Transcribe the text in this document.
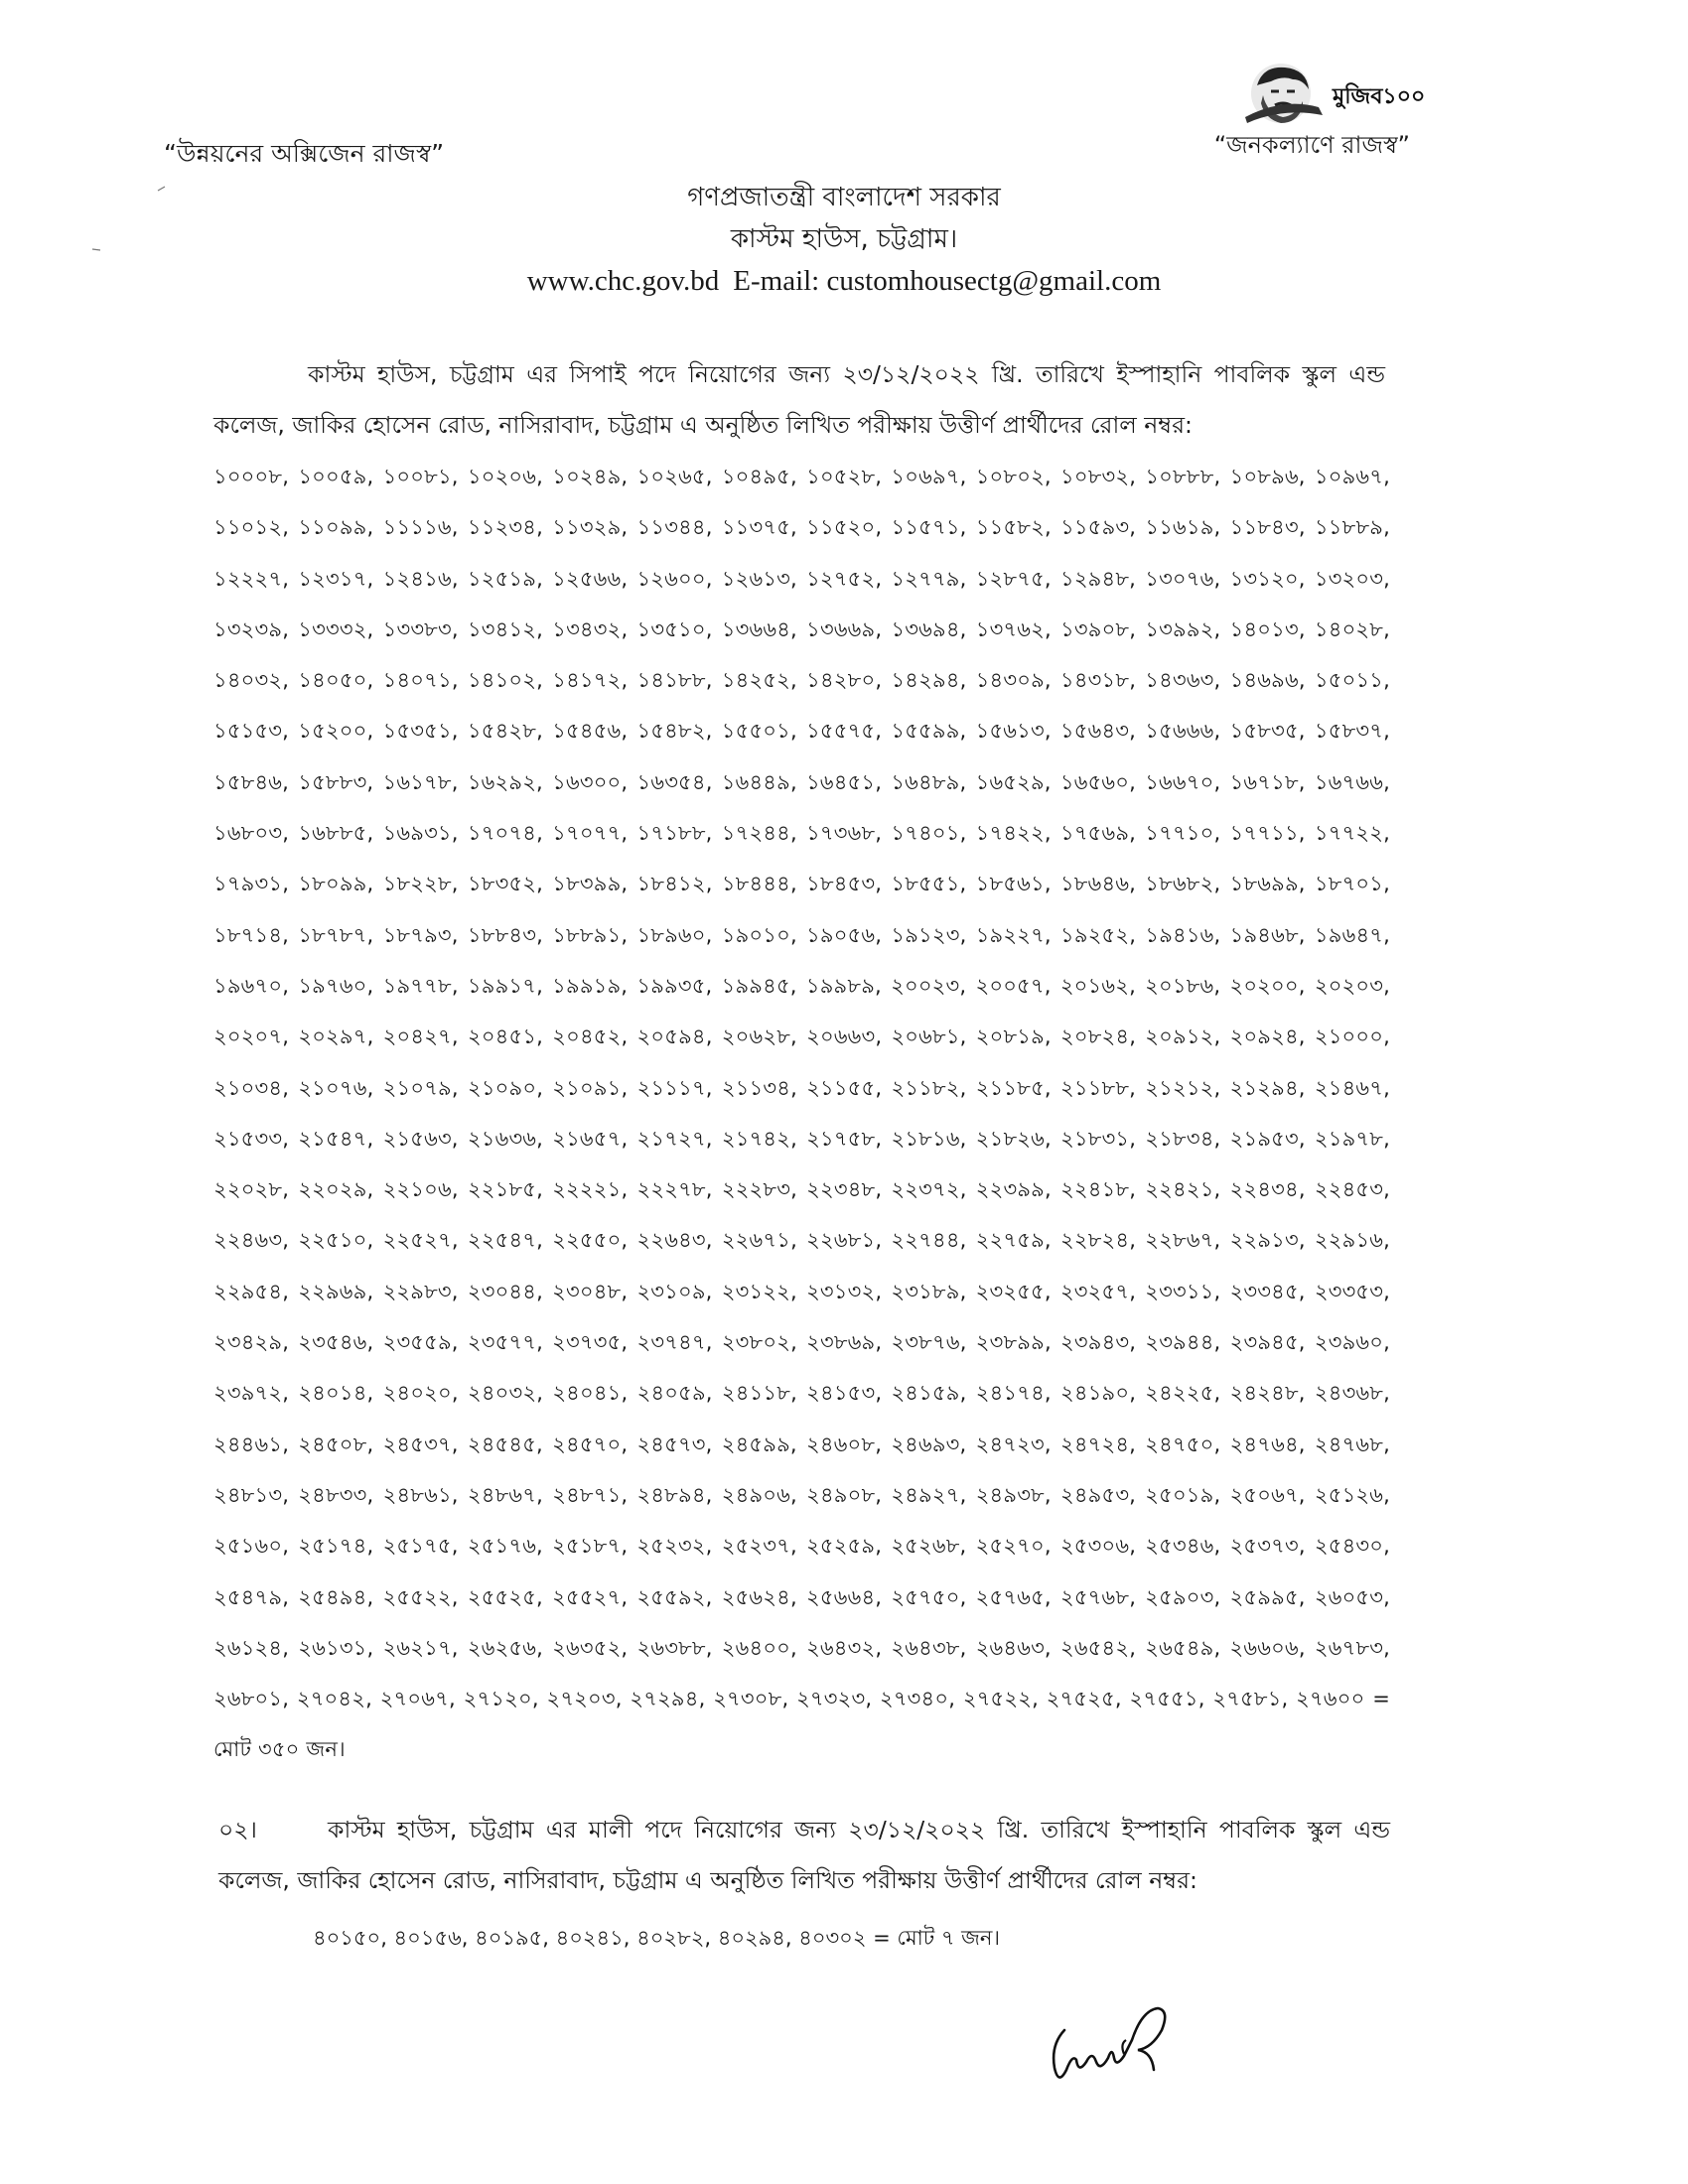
“উন্নয়নের অক্সিজেন রাজস্ব”
মুজিব১০০
“জনকল্যাণে রাজস্ব”
গণপ্রজাতন্ত্রী বাংলাদেশ সরকার
কাস্টম হাউস, চট্টগ্রাম।
www.chc.gov.bd E-mail: customhousectg@gmail.com
কাস্টম হাউস, চট্টগ্রাম এর সিপাই পদে নিয়োগের জন্য ২৩/১২/২০২২ খ্রি. তারিখে ইস্পাহানি পাবলিক স্কুল এন্ড কলেজ, জাকির হোসেন রোড, নাসিরাবাদ, চট্টগ্রাম এ অনুষ্ঠিত লিখিত পরীক্ষায় উত্তীর্ণ প্রার্থীদের রোল নম্বর:
১০০০৮, ১০০৫৯, ১০০৮১, ১০২০৬, ১০২৪৯, ১০২৬৫, ১০৪৯৫, ১০৫২৮, ১০৬৯৭, ১০৮০২, ১০৮৩২, ১০৮৮৮, ১০৮৯৬, ১০৯৬৭, ১১০১২, ১১০৯৯, ১১১১৬, ১১২৩৪, ১১৩২৯, ১১৩৪৪, ১১৩৭৫, ১১৫২০, ১১৫৭১, ১১৫৮২, ১১৫৯৩, ১১৬১৯, ১১৮৪৩, ১১৮৮৯, ১২২২৭, ১২৩১৭, ১২৪১৬, ১২৫১৯, ১২৫৬৬, ১২৬০০, ১২৬১৩, ১২৭৫২, ১২৭৭৯, ১২৮৭৫, ১২৯৪৮, ১৩০৭৬, ১৩১২০, ১৩২০৩, ১৩২৩৯, ১৩৩৩২, ১৩৩৮৩, ১৩৪১২, ১৩৪৩২, ১৩৫১০, ১৩৬৬৪, ১৩৬৬৯, ১৩৬৯৪, ১৩৭৬২, ১৩৯০৮, ১৩৯৯২, ১৪০১৩, ১৪০২৮, ১৪০৩২, ১৪০৫০, ১৪০৭১, ১৪১০২, ১৪১৭২, ১৪১৮৮, ১৪২৫২, ১৪২৮০, ১৪২৯৪, ১৪৩০৯, ১৪৩১৮, ১৪৩৬৩, ১৪৬৯৬, ১৫০১১, ১৫১৫৩, ১৫২০০, ১৫৩৫১, ১৫৪২৮, ১৫৪৫৬, ১৫৪৮২, ১৫৫০১, ১৫৫৭৫, ১৫৫৯৯, ১৫৬১৩, ১৫৬৪৩, ১৫৬৬৬, ১৫৮৩৫, ১৫৮৩৭, ১৫৮৪৬, ১৫৮৮৩, ১৬১৭৮, ১৬২৯২, ১৬৩০০, ১৬৩৫৪, ১৬৪৪৯, ১৬৪৫১, ১৬৪৮৯, ১৬৫২৯, ১৬৫৬০, ১৬৬৭০, ১৬৭১৮, ১৬৭৬৬, ১৬৮০৩, ১৬৮৮৫, ১৬৯৩১, ১৭০৭৪, ১৭০৭৭, ১৭১৮৮, ১৭২৪৪, ১৭৩৬৮, ১৭৪০১, ১৭৪২২, ১৭৫৬৯, ১৭৭১০, ১৭৭১১, ১৭৭২২, ১৭৯৩১, ১৮০৯৯, ১৮২২৮, ১৮৩৫২, ১৮৩৯৯, ১৮৪১২, ১৮৪৪৪, ১৮৪৫৩, ১৮৫৫১, ১৮৫৬১, ১৮৬৪৬, ১৮৬৮২, ১৮৬৯৯, ১৮৭০১, ১৮৭১৪, ১৮৭৮৭, ১৮৭৯৩, ১৮৮৪৩, ১৮৮৯১, ১৮৯৬০, ১৯০১০, ১৯০৫৬, ১৯১২৩, ১৯২২৭, ১৯২৫২, ১৯৪১৬, ১৯৪৬৮, ১৯৬৪৭, ১৯৬৭০, ১৯৭৬০, ১৯৭৭৮, ১৯৯১৭, ১৯৯১৯, ১৯৯৩৫, ১৯৯৪৫, ১৯৯৮৯, ২০০২৩, ২০০৫৭, ২০১৬২, ২০১৮৬, ২০২০০, ২০২০৩, ২০২০৭, ২০২৯৭, ২০৪২৭, ২০৪৫১, ২০৪৫২, ২০৫৯৪, ২০৬২৮, ২০৬৬৩, ২০৬৮১, ২০৮১৯, ২০৮২৪, ২০৯১২, ২০৯২৪, ২১০০০, ২১০৩৪, ২১০৭৬, ২১০৭৯, ২১০৯০, ২১০৯১, ২১১১৭, ২১১৩৪, ২১১৫৫, ২১১৮২, ২১১৮৫, ২১১৮৮, ২১২১২, ২১২৯৪, ২১৪৬৭, ২১৫৩৩, ২১৫৪৭, ২১৫৬৩, ২১৬৩৬, ২১৬৫৭, ২১৭২৭, ২১৭৪২, ২১৭৫৮, ২১৮১৬, ২১৮২৬, ২১৮৩১, ২১৮৩৪, ২১৯৫৩, ২১৯৭৮, ২২০২৮, ২২০২৯, ২২১০৬, ২২১৮৫, ২২২২১, ২২২৭৮, ২২২৮৩, ২২৩৪৮, ২২৩৭২, ২২৩৯৯, ২২৪১৮, ২২৪২১, ২২৪৩৪, ২২৪৫৩, ২২৪৬৩, ২২৫১০, ২২৫২৭, ২২৫৪৭, ২২৫৫০, ২২৬৪৩, ২২৬৭১, ২২৬৮১, ২২৭৪৪, ২২৭৫৯, ২২৮২৪, ২২৮৬৭, ২২৯১৩, ২২৯১৬, ২২৯৫৪, ২২৯৬৯, ২২৯৮৩, ২৩০৪৪, ২৩০৪৮, ২৩১০৯, ২৩১২২, ২৩১৩২, ২৩১৮৯, ২৩২৫৫, ২৩২৫৭, ২৩৩১১, ২৩৩৪৫, ২৩৩৫৩, ২৩৪২৯, ২৩৫৪৬, ২৩৫৫৯, ২৩৫৭৭, ২৩৭৩৫, ২৩৭৪৭, ২৩৮০২, ২৩৮৬৯, ২৩৮৭৬, ২৩৮৯৯, ২৩৯৪৩, ২৩৯৪৪, ২৩৯৪৫, ২৩৯৬০, ২৩৯৭২, ২৪০১৪, ২৪০২০, ২৪০৩২, ২৪০৪১, ২৪০৫৯, ২৪১১৮, ২৪১৫৩, ২৪১৫৯, ২৪১৭৪, ২৪১৯০, ২৪২২৫, ২৪২৪৮, ২৪৩৬৮, ২৪৪৬১, ২৪৫০৮, ২৪৫৩৭, ২৪৫৪৫, ২৪৫৭০, ২৪৫৭৩, ২৪৫৯৯, ২৪৬০৮, ২৪৬৯৩, ২৪৭২৩, ২৪৭২৪, ২৪৭৫০, ২৪৭৬৪, ২৪৭৬৮, ২৪৮১৩, ২৪৮৩৩, ২৪৮৬১, ২৪৮৬৭, ২৪৮৭১, ২৪৮৯৪, ২৪৯০৬, ২৪৯০৮, ২৪৯২৭, ২৪৯৩৮, ২৪৯৫৩, ২৫০১৯, ২৫০৬৭, ২৫১২৬, ২৫১৬০, ২৫১৭৪, ২৫১৭৫, ২৫১৭৬, ২৫১৮৭, ২৫২৩২, ২৫২৩৭, ২৫২৫৯, ২৫২৬৮, ২৫২৭০, ২৫৩০৬, ২৫৩৪৬, ২৫৩৭৩, ২৫৪৩০, ২৫৪৭৯, ২৫৪৯৪, ২৫৫২২, ২৫৫২৫, ২৫৫২৭, ২৫৫৯২, ২৫৬২৪, ২৫৬৬৪, ২৫৭৫০, ২৫৭৬৫, ২৫৭৬৮, ২৫৯০৩, ২৫৯৯৫, ২৬০৫৩, ২৬১২৪, ২৬১৩১, ২৬২১৭, ২৬২৫৬, ২৬৩৫২, ২৬৩৮৮, ২৬৪০০, ২৬৪৩২, ২৬৪৩৮, ২৬৪৬৩, ২৬৫৪২, ২৬৫৪৯, ২৬৬০৬, ২৬৭৮৩, ২৬৮০১, ২৭০৪২, ২৭০৬৭, ২৭১২০, ২৭২০৩, ২৭২৯৪, ২৭৩০৮, ২৭৩২৩, ২৭৩৪০, ২৭৫২২, ২৭৫২৫, ২৭৫৫১, ২৭৫৮১, ২৭৬০০ = মোট ৩৫০ জন।
০২।	কাস্টম হাউস, চট্টগ্রাম এর মালী পদে নিয়োগের জন্য ২৩/১২/২০২২ খ্রি. তারিখে ইস্পাহানি পাবলিক স্কুল এন্ড কলেজ, জাকির হোসেন রোড, নাসিরাবাদ, চট্টগ্রাম এ অনুষ্ঠিত লিখিত পরীক্ষায় উত্তীর্ণ প্রার্থীদের রোল নম্বর:
৪০১৫০, ৪০১৫৬, ৪০১৯৫, ৪০২৪১, ৪০২৮২, ৪০২৯৪, ৪০৩০২ = মোট ৭ জন।
